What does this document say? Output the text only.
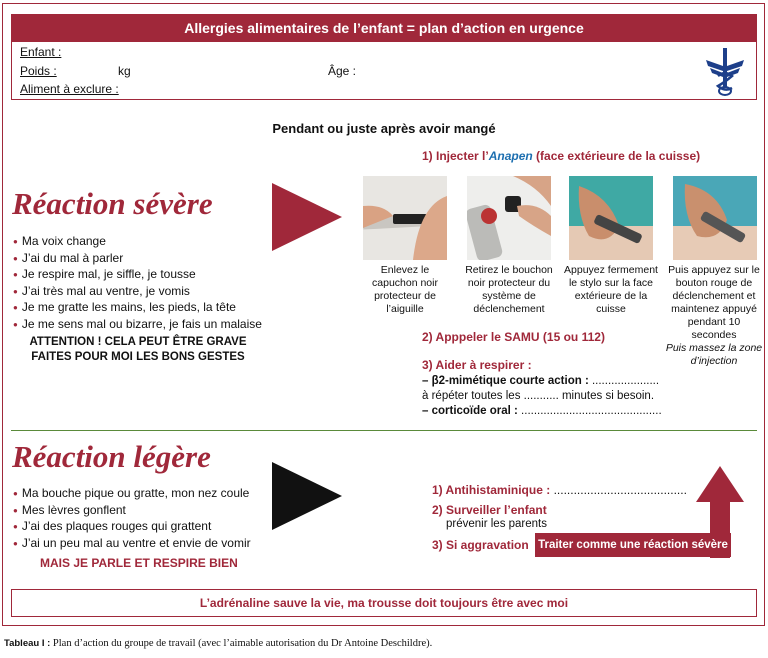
Allergies alimentaires de l’enfant = plan d’action en urgence
Enfant :
Poids :	kg	Âge :
Aliment à exclure :
Pendant ou juste après avoir mangé
1) Injecter l’Anapen (face extérieure de la cuisse)
Réaction sévère
● Ma voix change
● J’ai du mal à parler
● Je respire mal, je siffle, je tousse
● J’ai très mal au ventre, je vomis
● Je me gratte les mains, les pieds, la tête
● Je me sens mal ou bizarre, je fais un malaise
ATTENTION ! CELA PEUT ÊTRE GRAVE
FAITES POUR MOI LES BONS GESTES
Enlevez le capuchon noir protecteur de l’aiguille
Retirez le bouchon noir protecteur du système de déclenchement
Appuyez fermement le stylo sur la face extérieure de la cuisse
Puis appuyez sur le bouton rouge de déclenchement et maintenez appuyé pendant 10 secondes
Puis massez la zone d’injection
2) Apppeler le SAMU (15 ou 112)
3) Aider à respirer :
– β2-mimétique courte action : .....................
à répéter toutes les ........... minutes si besoin.
– corticoïde oral : ............................................
Réaction légère
● Ma bouche pique ou gratte, mon nez coule
● Mes lèvres gonflent
● J’ai des plaques rouges qui grattent
● J’ai un peu mal au ventre et envie de vomir
MAIS JE PARLE ET RESPIRE BIEN
1) Antihistaminique : ........................................
2) Surveiller l’enfant
prévenir les parents
3) Si aggravation Traiter comme une réaction sévère
L’adrénaline sauve la vie, ma trousse doit toujours être avec moi
Tableau I : Plan d’action du groupe de travail (avec l’aimable autorisation du Dr Antoine Deschildre).
